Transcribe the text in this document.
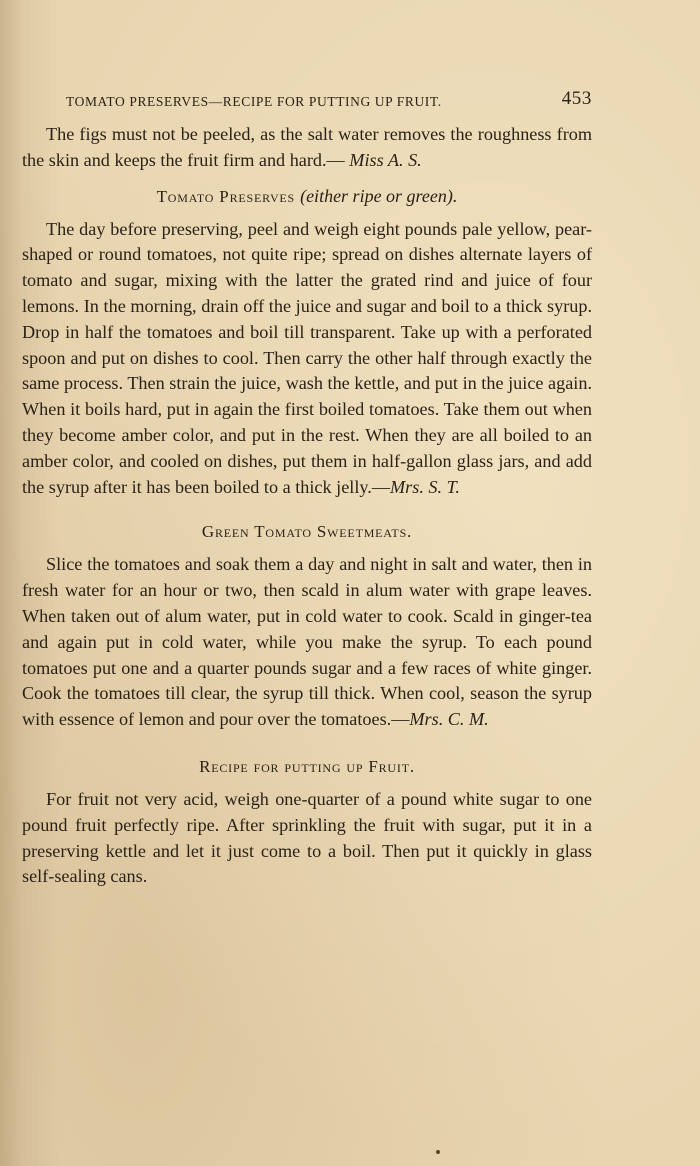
TOMATO PRESERVES—RECIPE FOR PUTTING UP FRUIT.	453

The figs must not be peeled, as the salt water removes the roughness from the skin and keeps the fruit firm and hard.— Miss A. S.

Tomato Preserves (either ripe or green).

The day before preserving, peel and weigh eight pounds pale yellow, pear-shaped or round tomatoes, not quite ripe; spread on dishes alternate layers of tomato and sugar, mixing with the latter the grated rind and juice of four lemons. In the morning, drain off the juice and sugar and boil to a thick syrup. Drop in half the tomatoes and boil till transparent. Take up with a perforated spoon and put on dishes to cool. Then carry the other half through exactly the same process. Then strain the juice, wash the kettle, and put in the juice again. When it boils hard, put in again the first boiled tomatoes. Take them out when they become amber color, and put in the rest. When they are all boiled to an amber color, and cooled on dishes, put them in half-gallon glass jars, and add the syrup after it has been boiled to a thick jelly.—Mrs. S. T.

Green Tomato Sweetmeats.

Slice the tomatoes and soak them a day and night in salt and water, then in fresh water for an hour or two, then scald in alum water with grape leaves. When taken out of alum water, put in cold water to cook. Scald in ginger-tea and again put in cold water, while you make the syrup. To each pound tomatoes put one and a quarter pounds sugar and a few races of white ginger. Cook the tomatoes till clear, the syrup till thick. When cool, season the syrup with essence of lemon and pour over the tomatoes.—Mrs. C. M.

Recipe for putting up Fruit.

For fruit not very acid, weigh one-quarter of a pound white sugar to one pound fruit perfectly ripe. After sprinkling the fruit with sugar, put it in a preserving kettle and let it just come to a boil. Then put it quickly in glass self-sealing cans.
